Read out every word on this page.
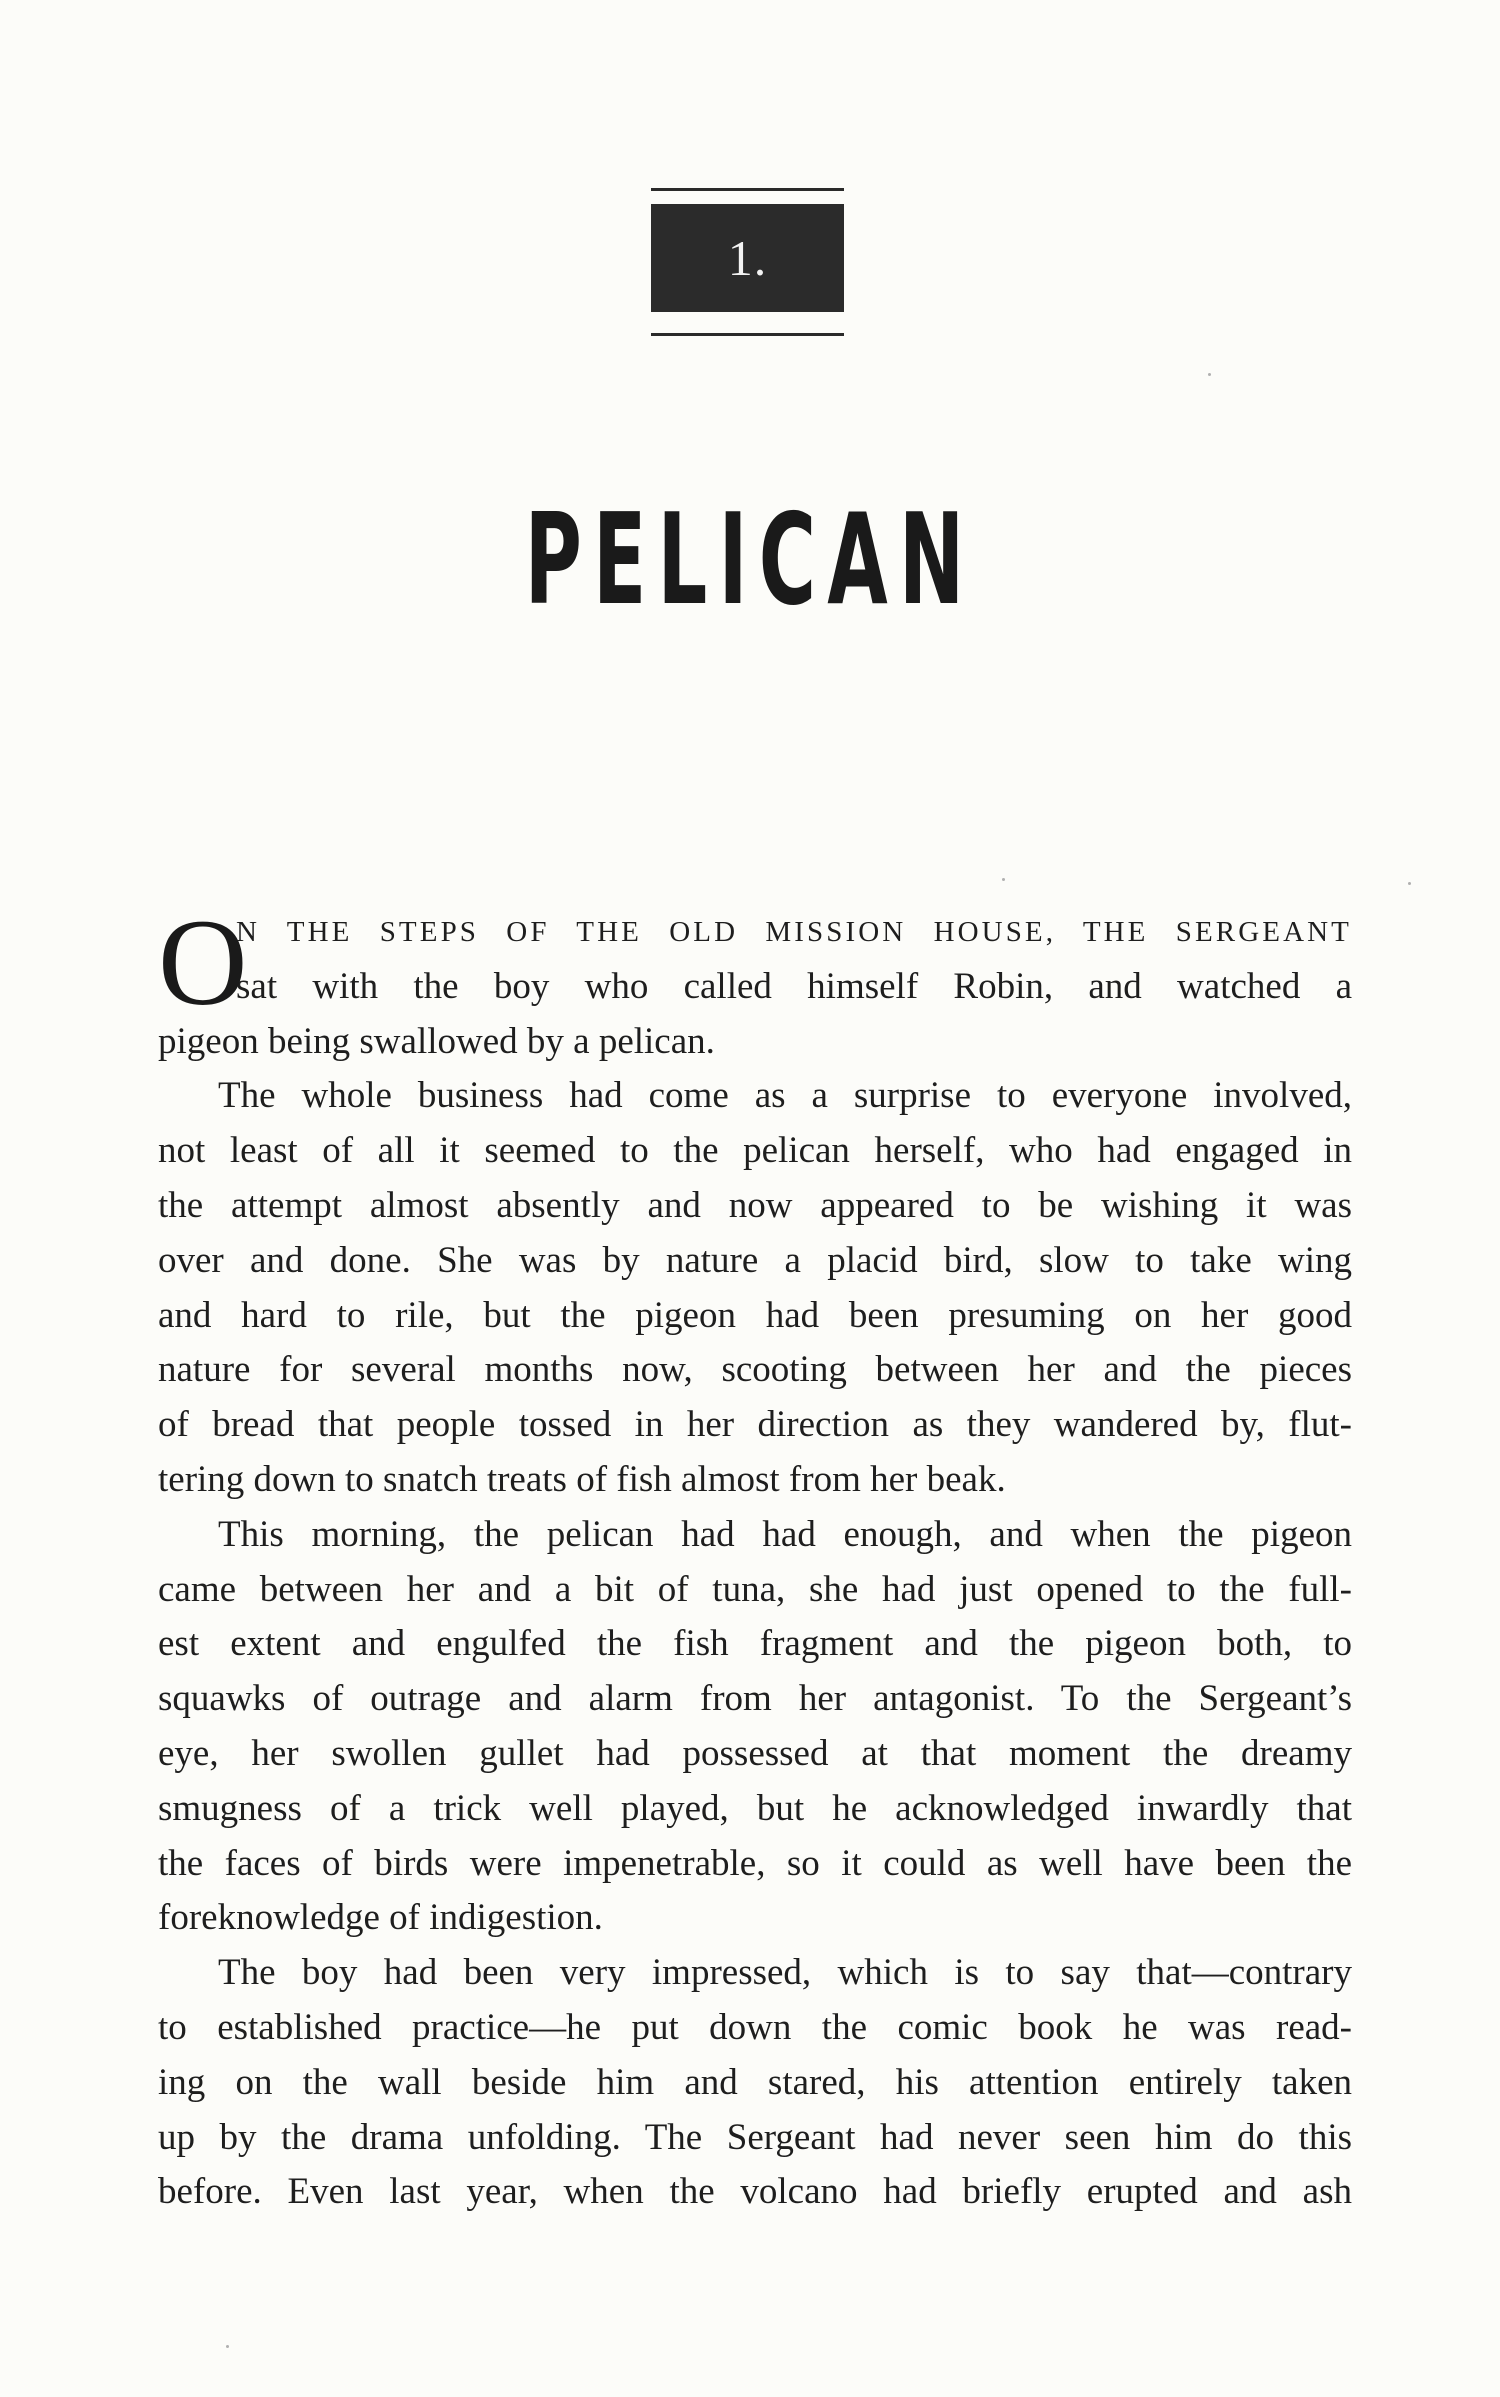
1.
PELICAN
O
N THE STEPS OF THE OLD MISSION HOUSE, THE SERGEANT
sat with the boy who called himself Robin, and watched a
pigeon being swallowed by a pelican.
The whole business had come as a surprise to everyone involved,
not least of all it seemed to the pelican herself, who had engaged in
the attempt almost absently and now appeared to be wishing it was
over and done. She was by nature a placid bird, slow to take wing
and hard to rile, but the pigeon had been presuming on her good
nature for several months now, scooting between her and the pieces
of bread that people tossed in her direction as they wandered by, flut-
tering down to snatch treats of fish almost from her beak.
This morning, the pelican had had enough, and when the pigeon
came between her and a bit of tuna, she had just opened to the full-
est extent and engulfed the fish fragment and the pigeon both, to
squawks of outrage and alarm from her antagonist. To the Sergeant’s
eye, her swollen gullet had possessed at that moment the dreamy
smugness of a trick well played, but he acknowledged inwardly that
the faces of birds were impenetrable, so it could as well have been the
foreknowledge of indigestion.
The boy had been very impressed, which is to say that—contrary
to established practice—he put down the comic book he was read-
ing on the wall beside him and stared, his attention entirely taken
up by the drama unfolding. The Sergeant had never seen him do this
before. Even last year, when the volcano had briefly erupted and ash
